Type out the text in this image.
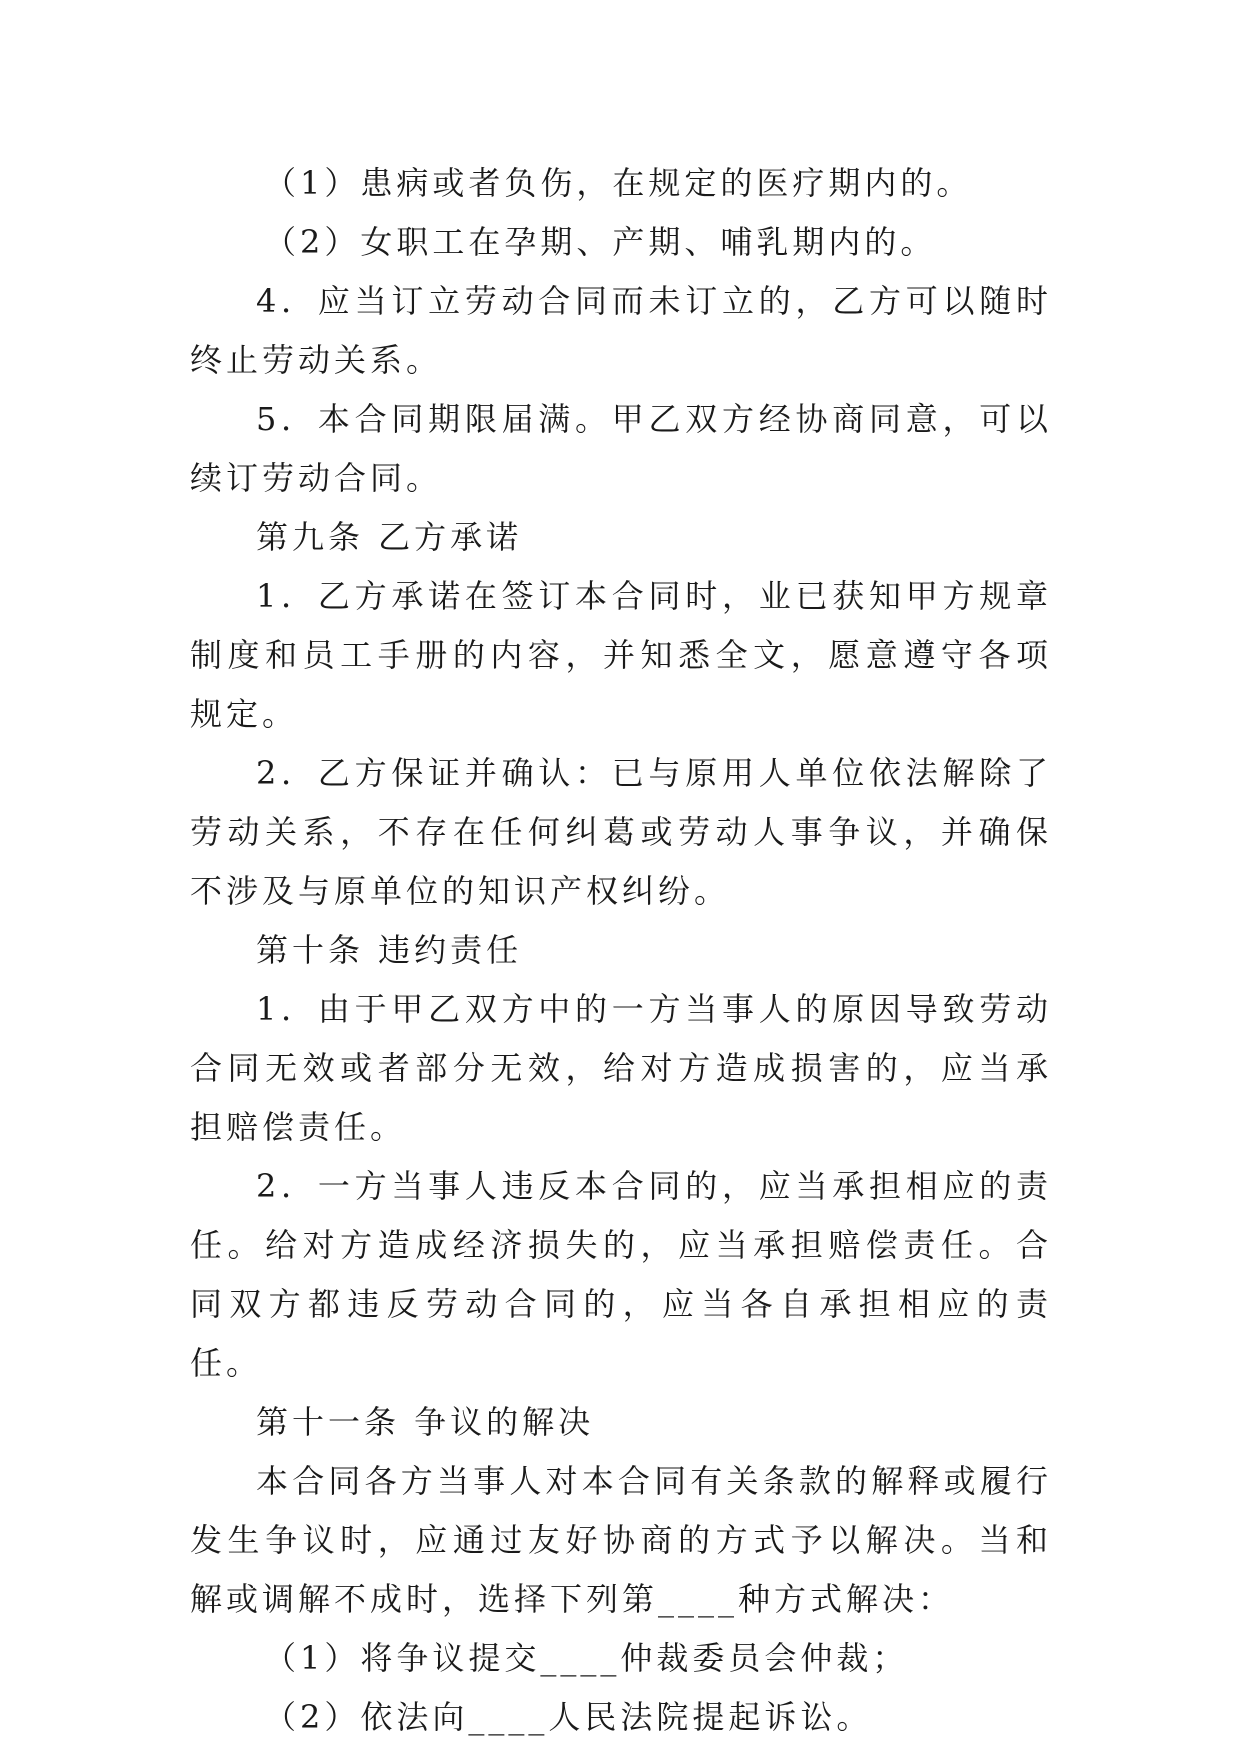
（1）患病或者负伤，在规定的医疗期内的。

（2）女职工在孕期、产期、哺乳期内的。

4．应当订立劳动合同而未订立的，乙方可以随时终止劳动关系。

5．本合同期限届满。甲乙双方经协商同意，可以续订劳动合同。

第九条 乙方承诺

1．乙方承诺在签订本合同时，业已获知甲方规章制度和员工手册的内容，并知悉全文，愿意遵守各项规定。

2．乙方保证并确认：已与原用人单位依法解除了劳动关系，不存在任何纠葛或劳动人事争议，并确保不涉及与原单位的知识产权纠纷。

第十条 违约责任

1．由于甲乙双方中的一方当事人的原因导致劳动合同无效或者部分无效，给对方造成损害的，应当承担赔偿责任。

2．一方当事人违反本合同的，应当承担相应的责任。给对方造成经济损失的，应当承担赔偿责任。合同双方都违反劳动合同的，应当各自承担相应的责任。

第十一条 争议的解决

本合同各方当事人对本合同有关条款的解释或履行发生争议时，应通过友好协商的方式予以解决。当和解或调解不成时，选择下列第____种方式解决：

（1）将争议提交____仲裁委员会仲裁；

（2）依法向____人民法院提起诉讼。
